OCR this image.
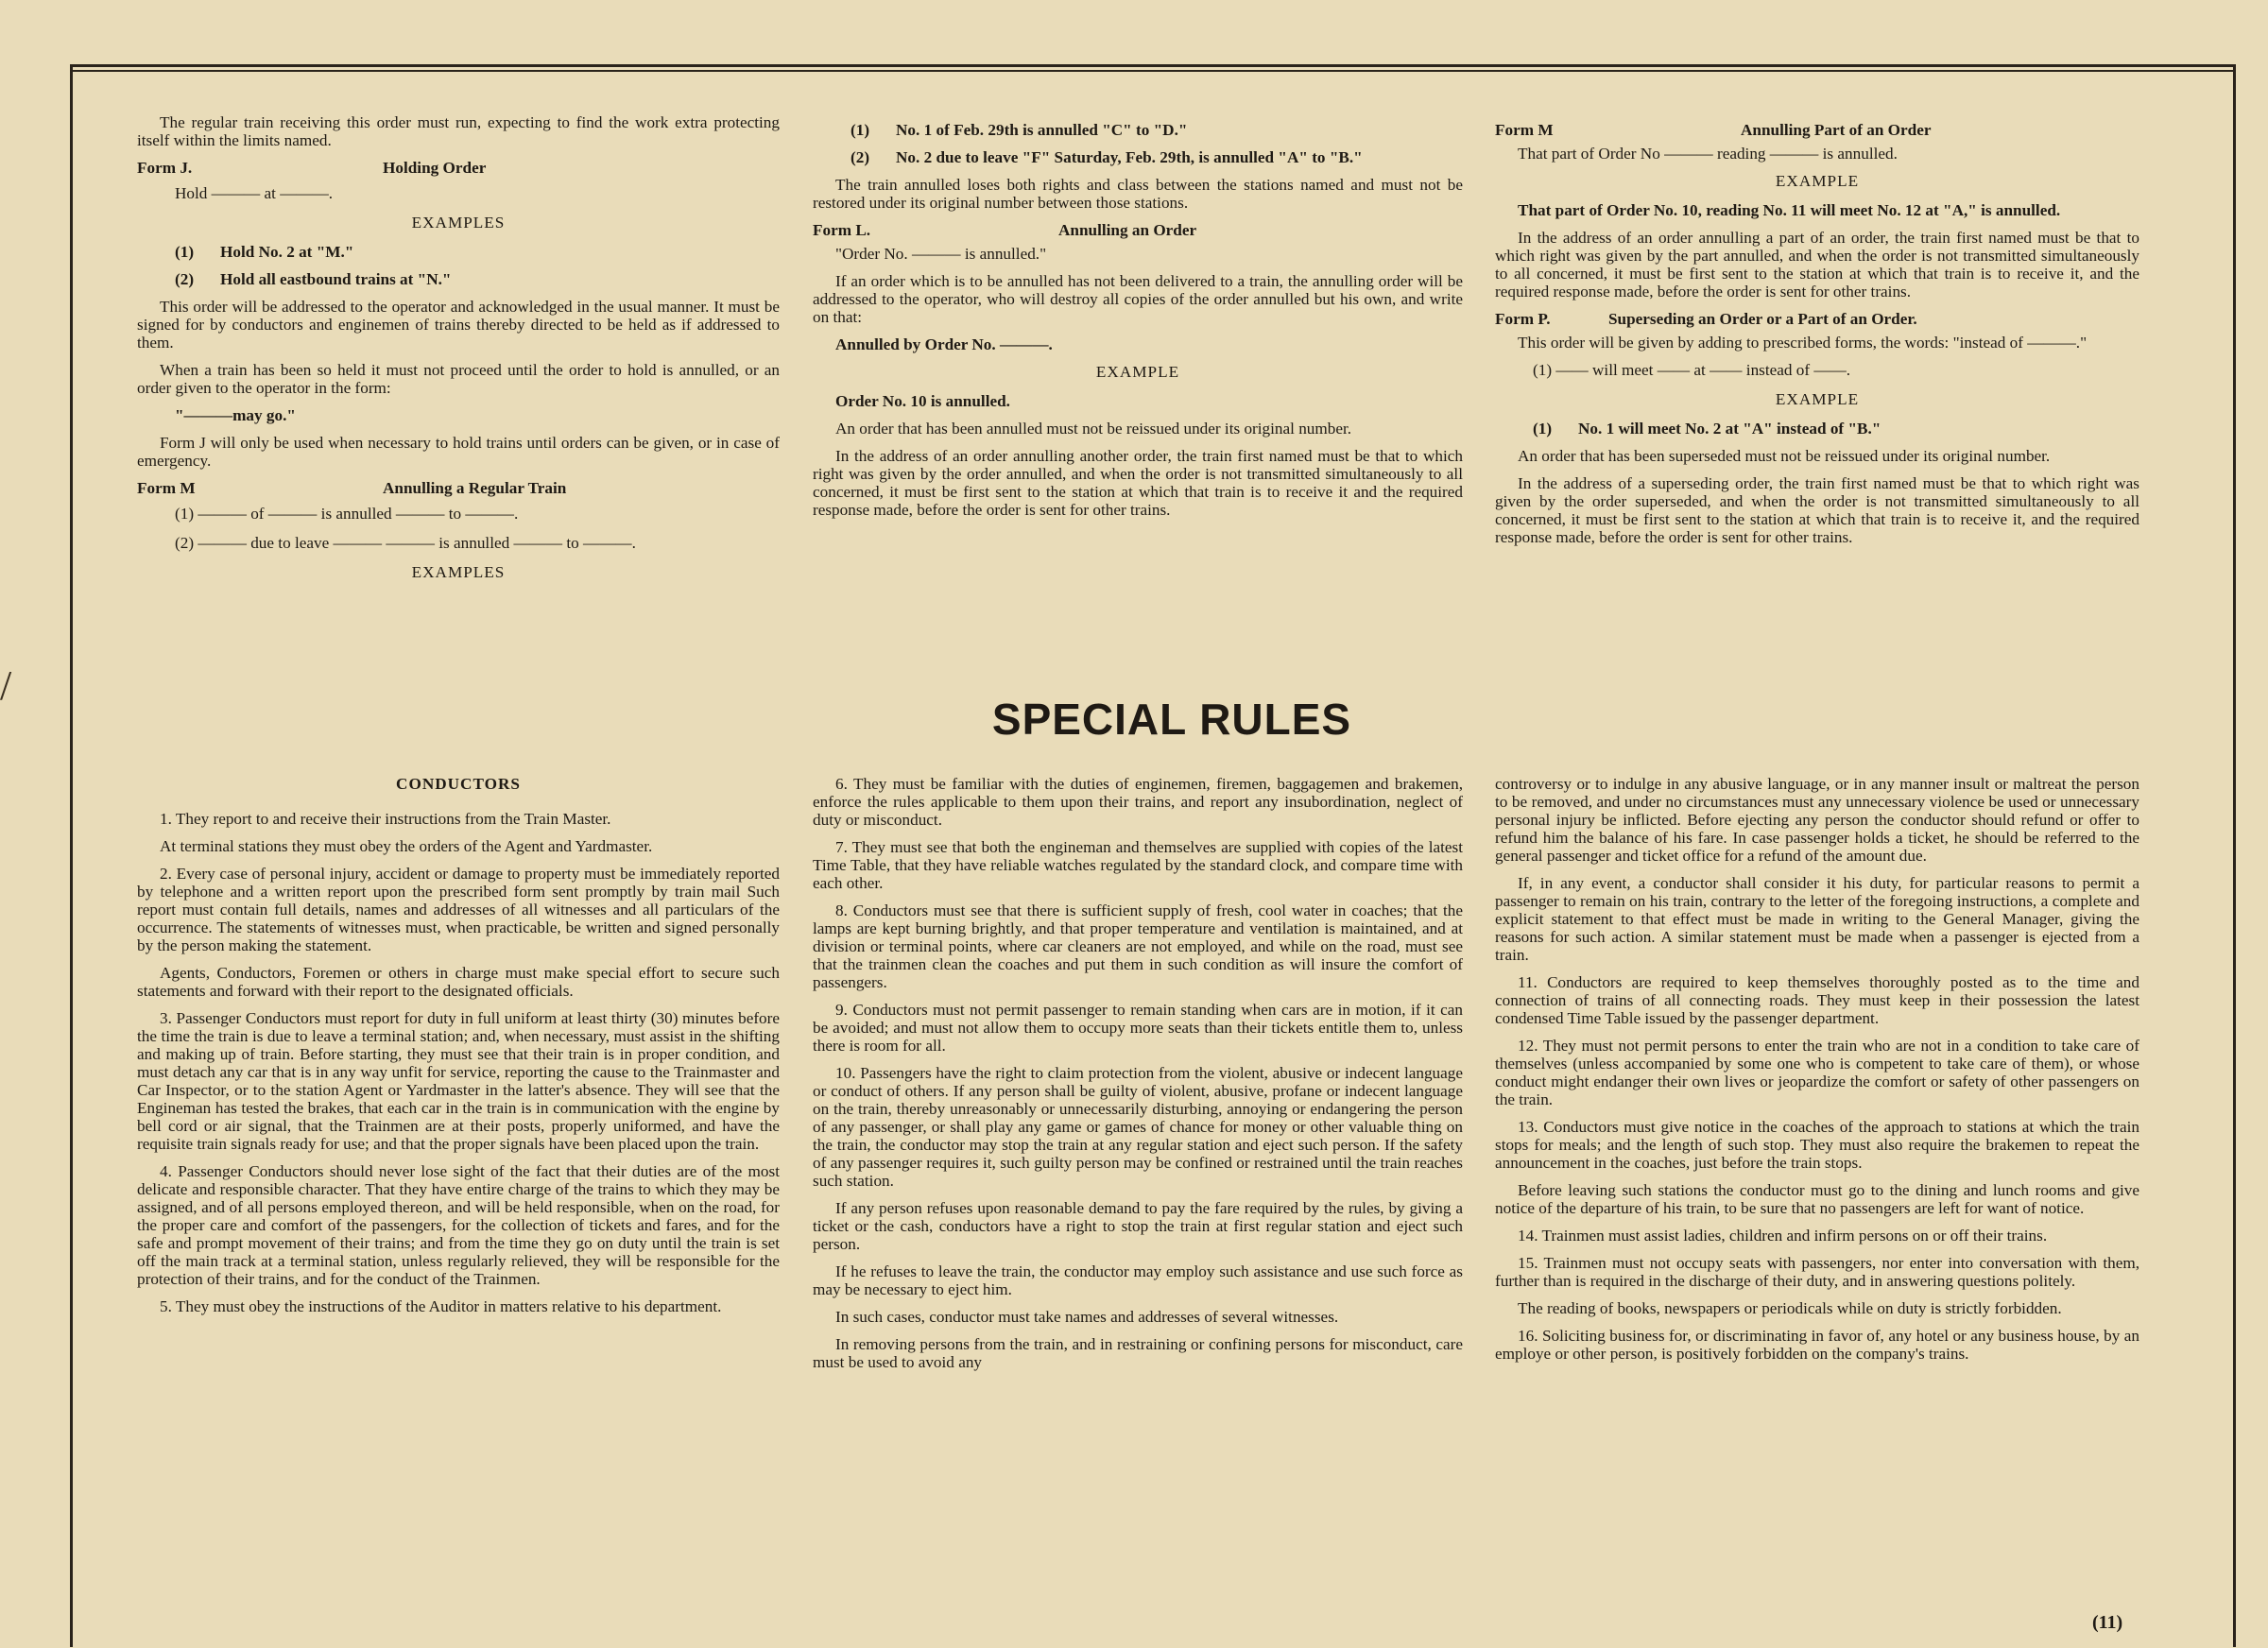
/

The regular train receiving this order must run, expecting to find the work extra protecting itself within the limits named.

Form J.	Holding Order
Hold ——— at ———.
EXAMPLES
(1) Hold No. 2 at "M."
(2) Hold all eastbound trains at "N."

This order will be addressed to the operator and acknowledged in the usual manner. It must be signed for by conductors and enginemen of trains thereby directed to be held as if addressed to them.

When a train has been so held it must not proceed until the order to hold is annulled, or an order given to the operator in the form:

"———may go."

Form J will only be used when necessary to hold trains until orders can be given, or in case of emergency.

Form M	Annulling a Regular Train
(1) ——— of ——— is annulled ——— to ———.
(2) ——— due to leave ——— ——— is annulled ——— to ———.
EXAMPLES
(1) No. 1 of Feb. 29th is annulled "C" to "D."
(2) No. 2 due to leave "F" Saturday, Feb. 29th, is annulled "A" to "B."

The train annulled loses both rights and class between the stations named and must not be restored under its original number between those stations.

Form L.	Annulling an Order

"Order No. ——— is annulled."

If an order which is to be annulled has not been delivered to a train, the annulling order will be addressed to the operator, who will destroy all copies of the order annulled but his own, and write on that:

Annulled by Order No. ———.

EXAMPLE

Order No. 10 is annulled.

An order that has been annulled must not be reissued under its original number.

In the address of an order annulling another order, the train first named must be that to which right was given by the order annulled, and when the order is not transmitted simultaneously to all concerned, it must be first sent to the station at which that train is to receive it and the required response made, before the order is sent for other trains.

Form M	Annulling Part of an Order

That part of Order No ——— reading ——— is annulled.

EXAMPLE

That part of Order No. 10, reading No. 11 will meet No. 12 at "A," is annulled.

In the address of an order annulling a part of an order, the train first named must be that to which right was given by the part annulled, and when the order is not transmitted simultaneously to all concerned, it must be first sent to the station at which that train is to receive it, and the required response made, before the order is sent for other trains.

Form P.	Superseding an Order or a Part of an Order.

This order will be given by adding to prescribed forms, the words: "instead of ———."

(1) —— will meet —— at —— instead of ——.
EXAMPLE
(1) No. 1 will meet No. 2 at "A" instead of "B."

An order that has been superseded must not be reissued under its original number.

In the address of a superseding order, the train first named must be that to which right was given by the order superseded, and when the order is not transmitted simultaneously to all concerned, it must be first sent to the station at which that train is to receive it, and the required response made, before the order is sent for other trains.

SPECIAL RULES
CONDUCTORS

1. They report to and receive their instructions from the Train Master.

At terminal stations they must obey the orders of the Agent and Yardmaster.

2. Every case of personal injury, accident or damage to property must be immediately reported by telephone and a written report upon the prescribed form sent promptly by train mail Such report must contain full details, names and addresses of all witnesses and all particulars of the occurrence. The statements of witnesses must, when practicable, be written and signed personally by the person making the statement.

Agents, Conductors, Foremen or others in charge must make special effort to secure such statements and forward with their report to the designated officials.

3. Passenger Conductors must report for duty in full uniform at least thirty (30) minutes before the time the train is due to leave a terminal station; and, when necessary, must assist in the shifting and making up of train. Before starting, they must see that their train is in proper condition, and must detach any car that is in any way unfit for service, reporting the cause to the Trainmaster and Car Inspector, or to the station Agent or Yardmaster in the latter's absence. They will see that the Engineman has tested the brakes, that each car in the train is in communication with the engine by bell cord or air signal, that the Trainmen are at their posts, properly uniformed, and have the requisite train signals ready for use; and that the proper signals have been placed upon the train.

4. Passenger Conductors should never lose sight of the fact that their duties are of the most delicate and responsible character. That they have entire charge of the trains to which they may be assigned, and of all persons employed thereon, and will be held responsible, when on the road, for the proper care and comfort of the passengers, for the collection of tickets and fares, and for the safe and prompt movement of their trains; and from the time they go on duty until the train is set off the main track at a terminal station, unless regularly relieved, they will be responsible for the protection of their trains, and for the conduct of the Trainmen.

5. They must obey the instructions of the Auditor in matters relative to his department.

6. They must be familiar with the duties of enginemen, firemen, baggagemen and brakemen, enforce the rules applicable to them upon their trains, and report any insubordination, neglect of duty or misconduct.

7. They must see that both the engineman and themselves are supplied with copies of the latest Time Table, that they have reliable watches regulated by the standard clock, and compare time with each other.

8. Conductors must see that there is sufficient supply of fresh, cool water in coaches; that the lamps are kept burning brightly, and that proper temperature and ventilation is maintained, and at division or terminal points, where car cleaners are not employed, and while on the road, must see that the trainmen clean the coaches and put them in such condition as will insure the comfort of passengers.

9. Conductors must not permit passenger to remain standing when cars are in motion, if it can be avoided; and must not allow them to occupy more seats than their tickets entitle them to, unless there is room for all.

10. Passengers have the right to claim protection from the violent, abusive or indecent language or conduct of others. If any person shall be guilty of violent, abusive, profane or indecent language on the train, thereby unreasonably or unnecessarily disturbing, annoying or endangering the person of any passenger, or shall play any game or games of chance for money or other valuable thing on the train, the conductor may stop the train at any regular station and eject such person. If the safety of any passenger requires it, such guilty person may be confined or restrained until the train reaches such station.

If any person refuses upon reasonable demand to pay the fare required by the rules, by giving a ticket or the cash, conductors have a right to stop the train at first regular station and eject such person.

If he refuses to leave the train, the conductor may employ such assistance and use such force as may be necessary to eject him.

In such cases, conductor must take names and addresses of several witnesses.

In removing persons from the train, and in restraining or confining persons for misconduct, care must be used to avoid any

controversy or to indulge in any abusive language, or in any manner insult or maltreat the person to be removed, and under no circumstances must any unnecessary violence be used or unnecessary personal injury be inflicted. Before ejecting any person the conductor should refund or offer to refund him the balance of his fare. In case passenger holds a ticket, he should be referred to the general passenger and ticket office for a refund of the amount due.

If, in any event, a conductor shall consider it his duty, for particular reasons to permit a passenger to remain on his train, contrary to the letter of the foregoing instructions, a complete and explicit statement to that effect must be made in writing to the General Manager, giving the reasons for such action. A similar statement must be made when a passenger is ejected from a train.

11. Conductors are required to keep themselves thoroughly posted as to the time and connection of trains of all connecting roads. They must keep in their possession the latest condensed Time Table issued by the passenger department.

12. They must not permit persons to enter the train who are not in a condition to take care of themselves (unless accompanied by some one who is competent to take care of them), or whose conduct might endanger their own lives or jeopardize the comfort or safety of other passengers on the train.

13. Conductors must give notice in the coaches of the approach to stations at which the train stops for meals; and the length of such stop. They must also require the brakemen to repeat the announcement in the coaches, just before the train stops.

Before leaving such stations the conductor must go to the dining and lunch rooms and give notice of the departure of his train, to be sure that no passengers are left for want of notice.

14. Trainmen must assist ladies, children and infirm persons on or off their trains.

15. Trainmen must not occupy seats with passengers, nor enter into conversation with them, further than is required in the discharge of their duty, and in answering questions politely.

The reading of books, newspapers or periodicals while on duty is strictly forbidden.

16. Soliciting business for, or discriminating in favor of, any hotel or any business house, by an employe or other person, is positively forbidden on the company's trains.

(11)
